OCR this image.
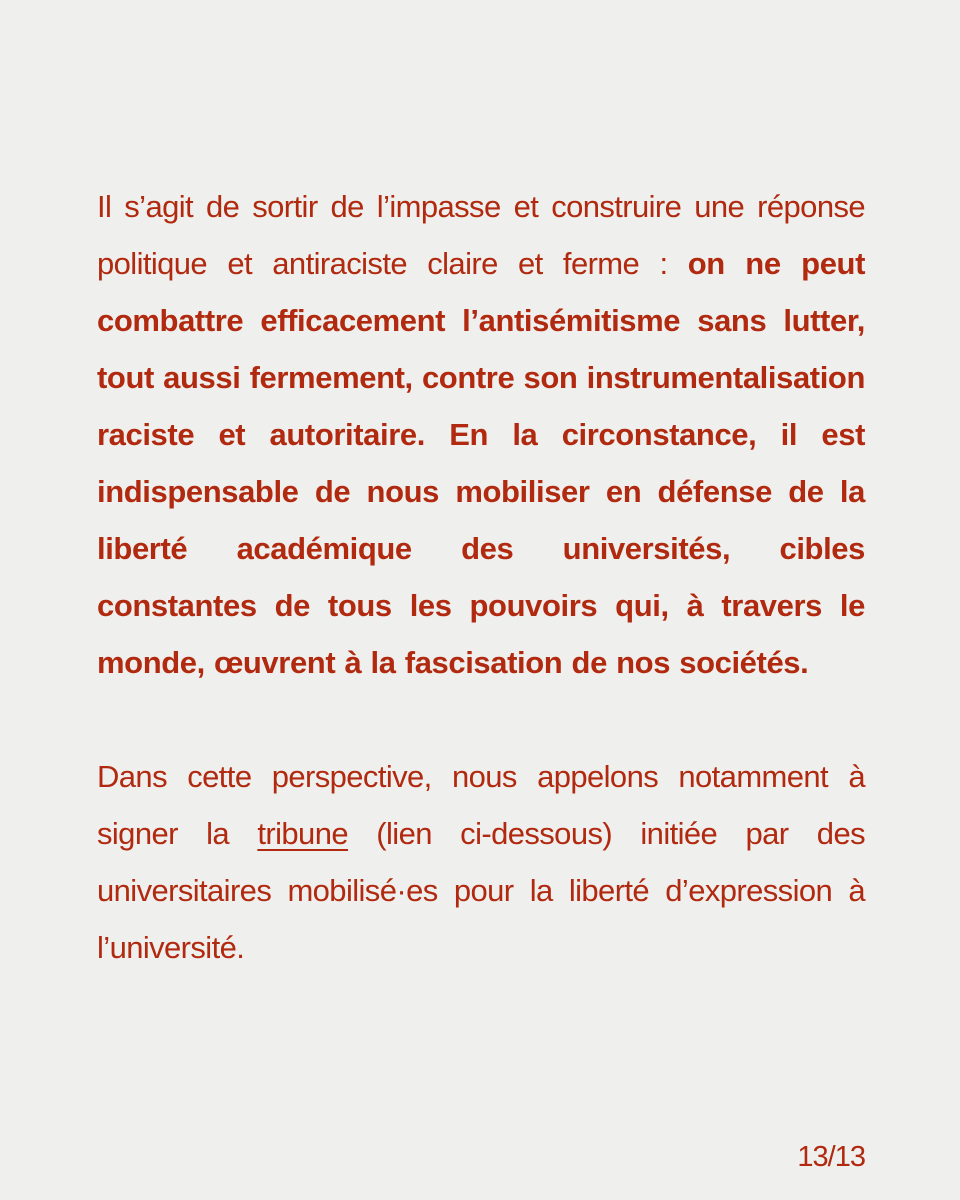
Il s’agit de sortir de l’impasse et construire une réponse politique et antiraciste claire et ferme : on ne peut combattre efficacement l’antisémitisme sans lutter, tout aussi fermement, contre son instrumentalisation raciste et autoritaire. En la circonstance, il est indispensable de nous mobiliser en défense de la liberté académique des universités, cibles constantes de tous les pouvoirs qui, à travers le monde, œuvrent à la fascisation de nos sociétés.

Dans cette perspective, nous appelons notamment à signer la tribune (lien ci-dessous) initiée par des universitaires mobilisé·es pour la liberté d’expression à l’université.

13/13
